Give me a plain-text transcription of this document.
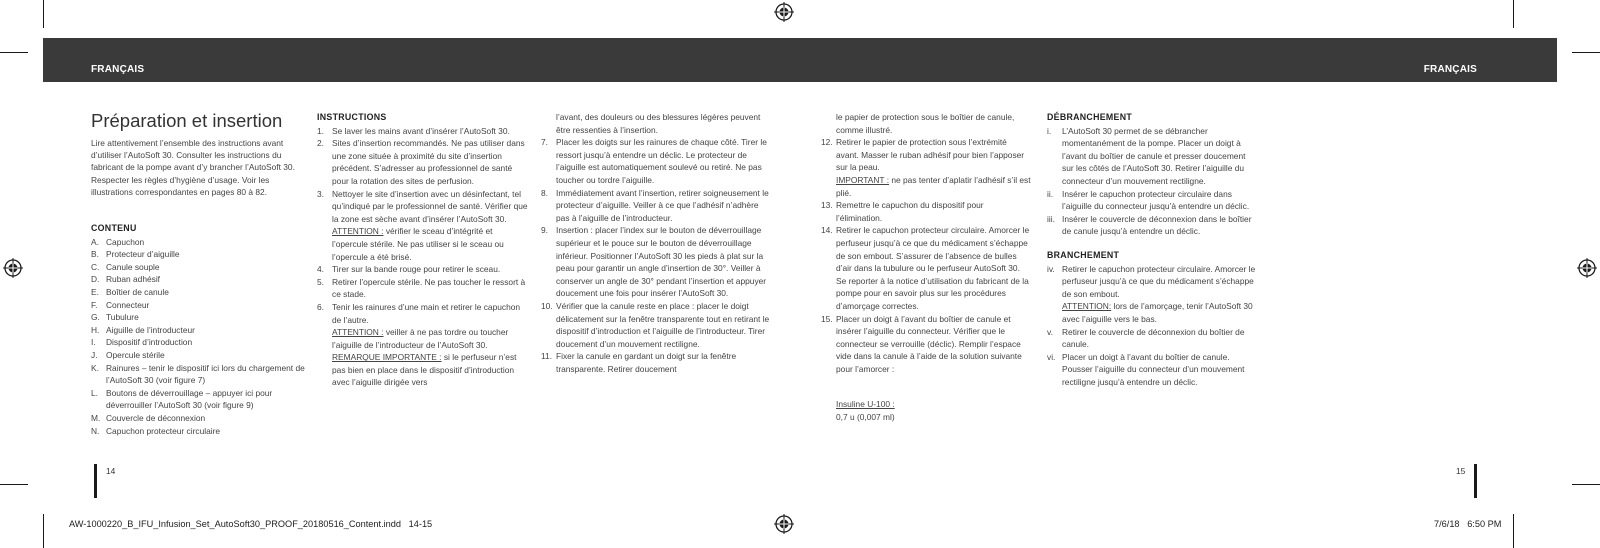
FRANÇAIS	FRANÇAIS
Préparation et insertion
Lire attentivement l’ensemble des instructions avant d’utiliser l’AutoSoft 30. Consulter les instructions du fabricant de la pompe avant d’y brancher l’AutoSoft 30. Respecter les règles d’hygiène d’usage. Voir les illustrations correspondantes en pages 80 à 82.
CONTENU
A. Capuchon
B. Protecteur d’aiguille
C. Canule souple
D. Ruban adhésif
E. Boîtier de canule
F. Connecteur
G. Tubulure
H. Aiguille de l’introducteur
I. Dispositif d’introduction
J. Opercule stérile
K. Rainures – tenir le dispositif ici lors du chargement de l’AutoSoft 30 (voir figure 7)
L. Boutons de déverrouillage – appuyer ici pour déverrouiller l’AutoSoft 30 (voir figure 9)
M. Couvercle de déconnexion
N. Capuchon protecteur circulaire
INSTRUCTIONS
1. Se laver les mains avant d’insérer l’AutoSoft 30.
2. Sites d’insertion recommandés. Ne pas utiliser dans une zone située à proximité du site d’insertion précédent. S’adresser au professionnel de santé pour la rotation des sites de perfusion.
3. Nettoyer le site d’insertion avec un désinfectant, tel qu’indiqué par le professionnel de santé. Vérifier que la zone est sèche avant d’insérer l’AutoSoft 30.
ATTENTION : vérifier le sceau d’intégrité et l’opercule stérile. Ne pas utiliser si le sceau ou l’opercule a été brisé.
4. Tirer sur la bande rouge pour retirer le sceau.
5. Retirer l’opercule stérile. Ne pas toucher le ressort à ce stade.
6. Tenir les rainures d’une main et retirer le capuchon de l’autre.
ATTENTION : veiller à ne pas tordre ou toucher l’aiguille de l’introducteur de l’AutoSoft 30.
REMARQUE IMPORTANTE : si le perfuseur n’est pas bien en place dans le dispositif d’introduction avec l’aiguille dirigée vers
l’avant, des douleurs ou des blessures légères peuvent être ressenties à l’insertion.
7. Placer les doigts sur les rainures de chaque côté. Tirer le ressort jusqu’à entendre un déclic. Le protecteur de l’aiguille est automatiquement soulevé ou retiré. Ne pas toucher ou tordre l’aiguille.
8. Immédiatement avant l’insertion, retirer soigneusement le protecteur d’aiguille. Veiller à ce que l’adhésif n’adhère pas à l’aiguille de l’introducteur.
9. Insertion : placer l’index sur le bouton de déverrouillage supérieur et le pouce sur le bouton de déverrouillage inférieur. Positionner l’AutoSoft 30 les pieds à plat sur la peau pour garantir un angle d’insertion de 30°. Veiller à conserver un angle de 30° pendant l’insertion et appuyer doucement une fois pour insérer l’AutoSoft 30.
10. Vérifier que la canule reste en place : placer le doigt délicatement sur la fenêtre transparente tout en retirant le dispositif d’introduction et l’aiguille de l’introducteur. Tirer doucement d’un mouvement rectiligne.
11. Fixer la canule en gardant un doigt sur la fenêtre transparente. Retirer doucement
le papier de protection sous le boîtier de canule, comme illustré.
12. Retirer le papier de protection sous l’extrémité avant. Masser le ruban adhésif pour bien l’apposer sur la peau.
IMPORTANT : ne pas tenter d’aplatir l’adhésif s’il est plié.
13. Remettre le capuchon du dispositif pour l’élimination.
14. Retirer le capuchon protecteur circulaire. Amorcer le perfuseur jusqu’à ce que du médicament s’échappe de son embout. S’assurer de l’absence de bulles d’air dans la tubulure ou le perfuseur AutoSoft 30. Se reporter à la notice d’utilisation du fabricant de la pompe pour en savoir plus sur les procédures d’amorçage correctes.
15. Placer un doigt à l’avant du boîtier de canule et insérer l’aiguille du connecteur. Vérifier que le connecteur se verrouille (déclic). Remplir l’espace vide dans la canule à l’aide de la solution suivante pour l’amorcer :
Insuline U-100 :
0,7 u (0,007 ml)
DÉBRANCHEMENT
i. L’AutoSoft 30 permet de se débrancher momentanément de la pompe. Placer un doigt à l’avant du boîtier de canule et presser doucement sur les côtés de l’AutoSoft 30. Retirer l’aiguille du connecteur d’un mouvement rectiligne.
ii. Insérer le capuchon protecteur circulaire dans l’aiguille du connecteur jusqu’à entendre un déclic.
iii. Insérer le couvercle de déconnexion dans le boîtier de canule jusqu’à entendre un déclic.
BRANCHEMENT
iv. Retirer le capuchon protecteur circulaire. Amorcer le perfuseur jusqu’à ce que du médicament s’échappe de son embout.
ATTENTION: lors de l’amorçage, tenir l’AutoSoft 30 avec l’aiguille vers le bas.
v. Retirer le couvercle de déconnexion du boîtier de canule.
vi. Placer un doigt à l’avant du boîtier de canule. Pousser l’aiguille du connecteur d’un mouvement rectiligne jusqu’à entendre un déclic.
14	15
AW-1000220_B_IFU_Infusion_Set_AutoSoft30_PROOF_20180516_Content.indd   14-15	7/6/18   6:50 PM
